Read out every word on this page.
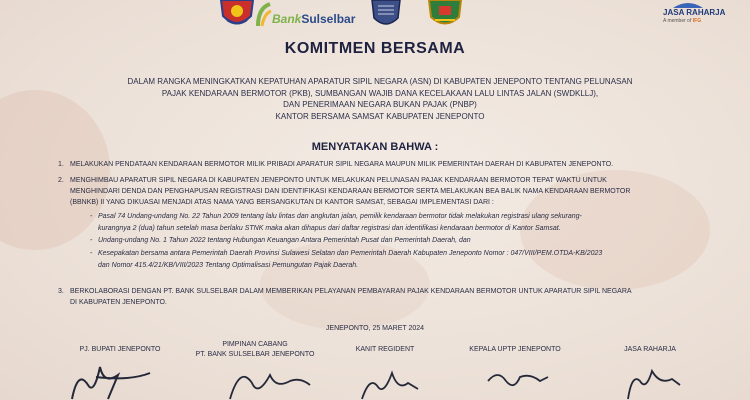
BankSulselbar	JASA RAHARJA
A member of IFG
KOMITMEN BERSAMA
DALAM RANGKA MENINGKATKAN KEPATUHAN APARATUR SIPIL NEGARA (ASN) DI KABUPATEN JENEPONTO TENTANG PELUNASAN
PAJAK KENDARAAN BERMOTOR (PKB), SUMBANGAN WAJIB DANA KECELAKAAN LALU LINTAS JALAN (SWDKLLJ),
DAN PENERIMAAN NEGARA BUKAN PAJAK (PNBP)
KANTOR BERSAMA SAMSAT KABUPATEN JENEPONTO
MENYATAKAN BAHWA :
1. MELAKUKAN PENDATAAN KENDARAAN BERMOTOR MILIK PRIBADI APARATUR SIPIL NEGARA MAUPUN MILIK PEMERINTAH DAERAH DI KABUPATEN JENEPONTO.
2. MENGHIMBAU APARATUR SIPIL NEGARA DI KABUPATEN JENEPONTO UNTUK MELAKUKAN PELUNASAN PAJAK KENDARAAN BERMOTOR TEPAT WAKTU UNTUK
MENGHINDARI DENDA DAN PENGHAPUSAN REGISTRASI DAN IDENTIFIKASI KENDARAAN BERMOTOR SERTA MELAKUKAN BEA BALIK NAMA KENDARAAN BERMOTOR
(BBNKB) II YANG DIKUASAI MENJADI ATAS NAMA YANG BERSANGKUTAN DI KANTOR SAMSAT, SEBAGAI IMPLEMENTASI DARI :
- Pasal 74 Undang-undang No. 22 Tahun 2009 tentang lalu lintas dan angkutan jalan, pemilik kendaraan bermotor tidak melakukan registrasi ulang sekurang-
kurangnya 2 (dua) tahun setelah masa berlaku STNK maka akan dihapus dari daftar registrasi dan identifikasi kendaraan bermotor di Kantor Samsat.
- Undang-undang No. 1 Tahun 2022 tentang Hubungan Keuangan Antara Pemerintah Pusat dan Pemerintah Daerah, dan
- Kesepakatan bersama antara Pemerintah Daerah Provinsi Sulawesi Selatan dan Pemerintah Daerah Kabupaten Jeneponto Nomor : 047/VIII/PEM.OTDA-KB/2023
dan Nomor 415.4/21/KB/VIII/2023 Tentang Optimalisasi Pemungutan Pajak Daerah.
3. BERKOLABORASI DENGAN PT. BANK SULSELBAR DALAM MEMBERIKAN PELAYANAN PEMBAYARAN PAJAK KENDARAAN BERMOTOR UNTUK APARATUR SIPIL NEGARA
DI KABUPATEN JENEPONTO.
JENEPONTO, 25 MARET 2024
PJ. BUPATI JENEPONTO
PIMPINAN CABANG
PT. BANK SULSELBAR JENEPONTO
KANIT REGIDENT	KEPALA UPTP JENEPONTO	JASA RAHARJA
